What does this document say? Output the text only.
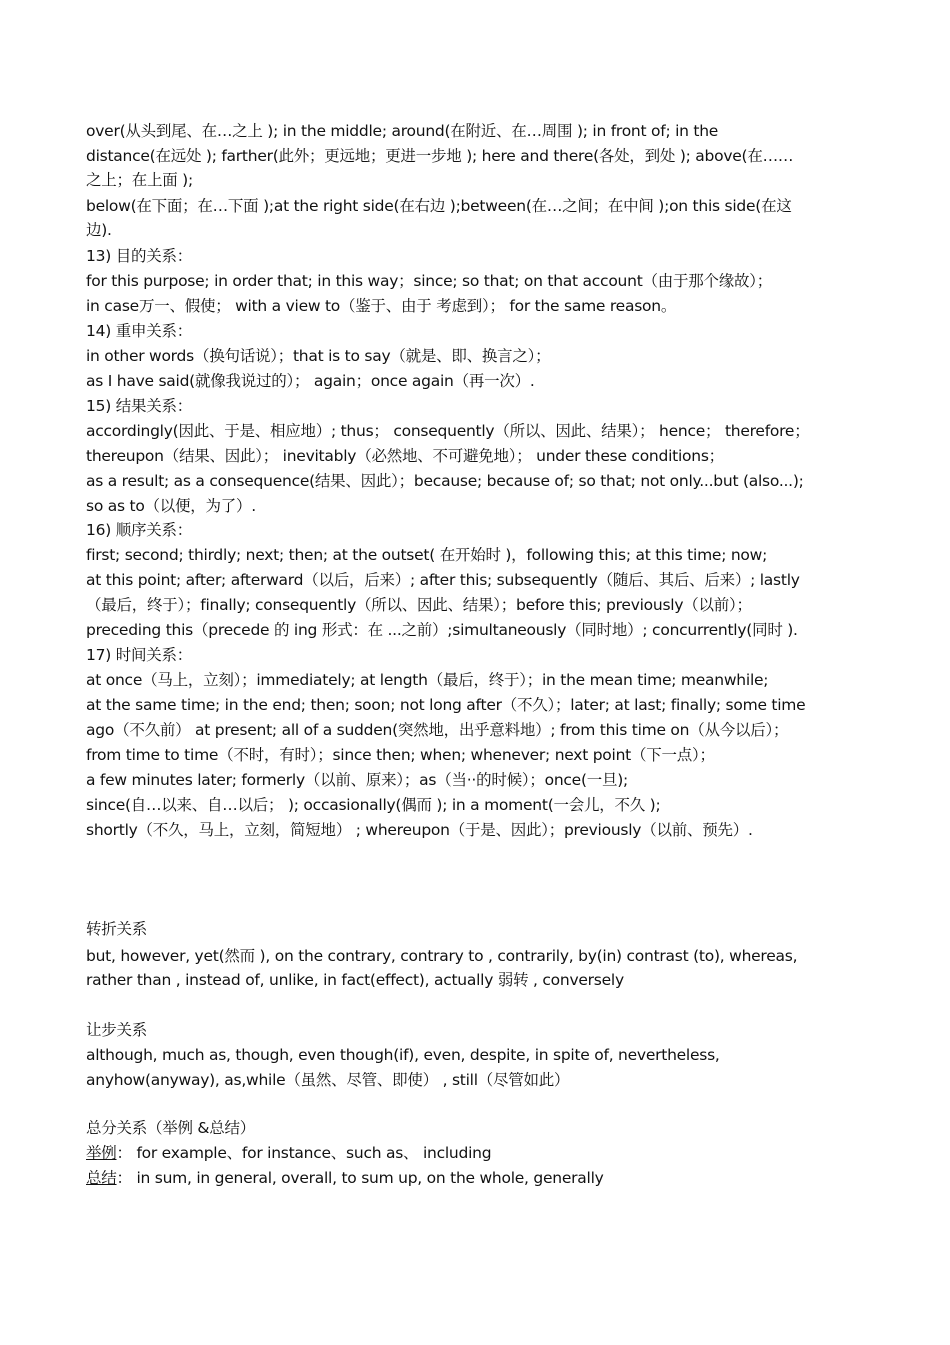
over(从头到尾、在…之上 ); in the middle; around(在附近、在…周围 ); in front of; in the
distance(在远处 ); farther(此外；更远地；更进一步地 ); here and there(各处，到处 ); above(在……
之上；在上面 );
below(在下面；在…下面 );at the right side(在右边 );between(在…之间；在中间 );on this side(在这
边).
13) 目的关系：
for this purpose; in order that; in this way；since; so that; on that account（由于那个缘故）；
in case万一、假使； with a view to（鉴于、由于 考虑到）； for the same reason。
14) 重申关系：
in other words（换句话说）；that is to say（就是、即、换言之）；
as I have said(就像我说过的）； again；once again（再一次）.
15) 结果关系：
accordingly(因此、于是、相应地）; thus； consequently（所以、因此、结果）； hence； therefore；
thereupon（结果、因此）； inevitably（必然地、不可避免地）； under these conditions；
as a result; as a consequence(结果、因此）；because; because of; so that; not only...but (also...);
so as to（以便，为了）.
16) 顺序关系：
first; second; thirdly; next; then; at the outset( 在开始时 )，following this; at this time; now;
at this point; after; afterward（以后，后来）; after this; subsequently（随后、其后、后来）; lastly
（最后，终于）；finally; consequently（所以、因此、结果）；before this; previously（以前）；
preceding this（precede 的 ing 形式：在 ...之前）;simultaneously（同时地）; concurrently(同时 ).
17) 时间关系：
at once（马上，立刻）；immediately; at length（最后，终于）；in the mean time; meanwhile;
at the same time; in the end; then; soon; not long after（不久）；later; at last; finally; some time
ago（不久前） at present; all of a sudden(突然地，出乎意料地）; from this time on（从今以后）；
from time to time（不时，有时）；since then; when; whenever; next point（下一点）；
a few minutes later; formerly（以前、原来）；as（当··的时候）；once(一旦);
since(自…以来、自…以后； ); occasionally(偶而 ); in a moment(一会儿，不久 );
shortly（不久，马上，立刻，简短地） ; whereupon（于是、因此）；previously（以前、预先）.
转折关系
but, however, yet(然而 ), on the contrary, contrary to , contrarily, by(in) contrast (to), whereas,
rather than , instead of, unlike, in fact(effect), actually 弱转 , conversely
让步关系
although, much as, though, even though(if), even, despite, in spite of, nevertheless,
anyhow(anyway), as,while（虽然、尽管、即使） , still（尽管如此）
总分关系（举例 &总结）
举例： for example、for instance、such as、 including
总结： in sum, in general, overall, to sum up, on the whole, generally
